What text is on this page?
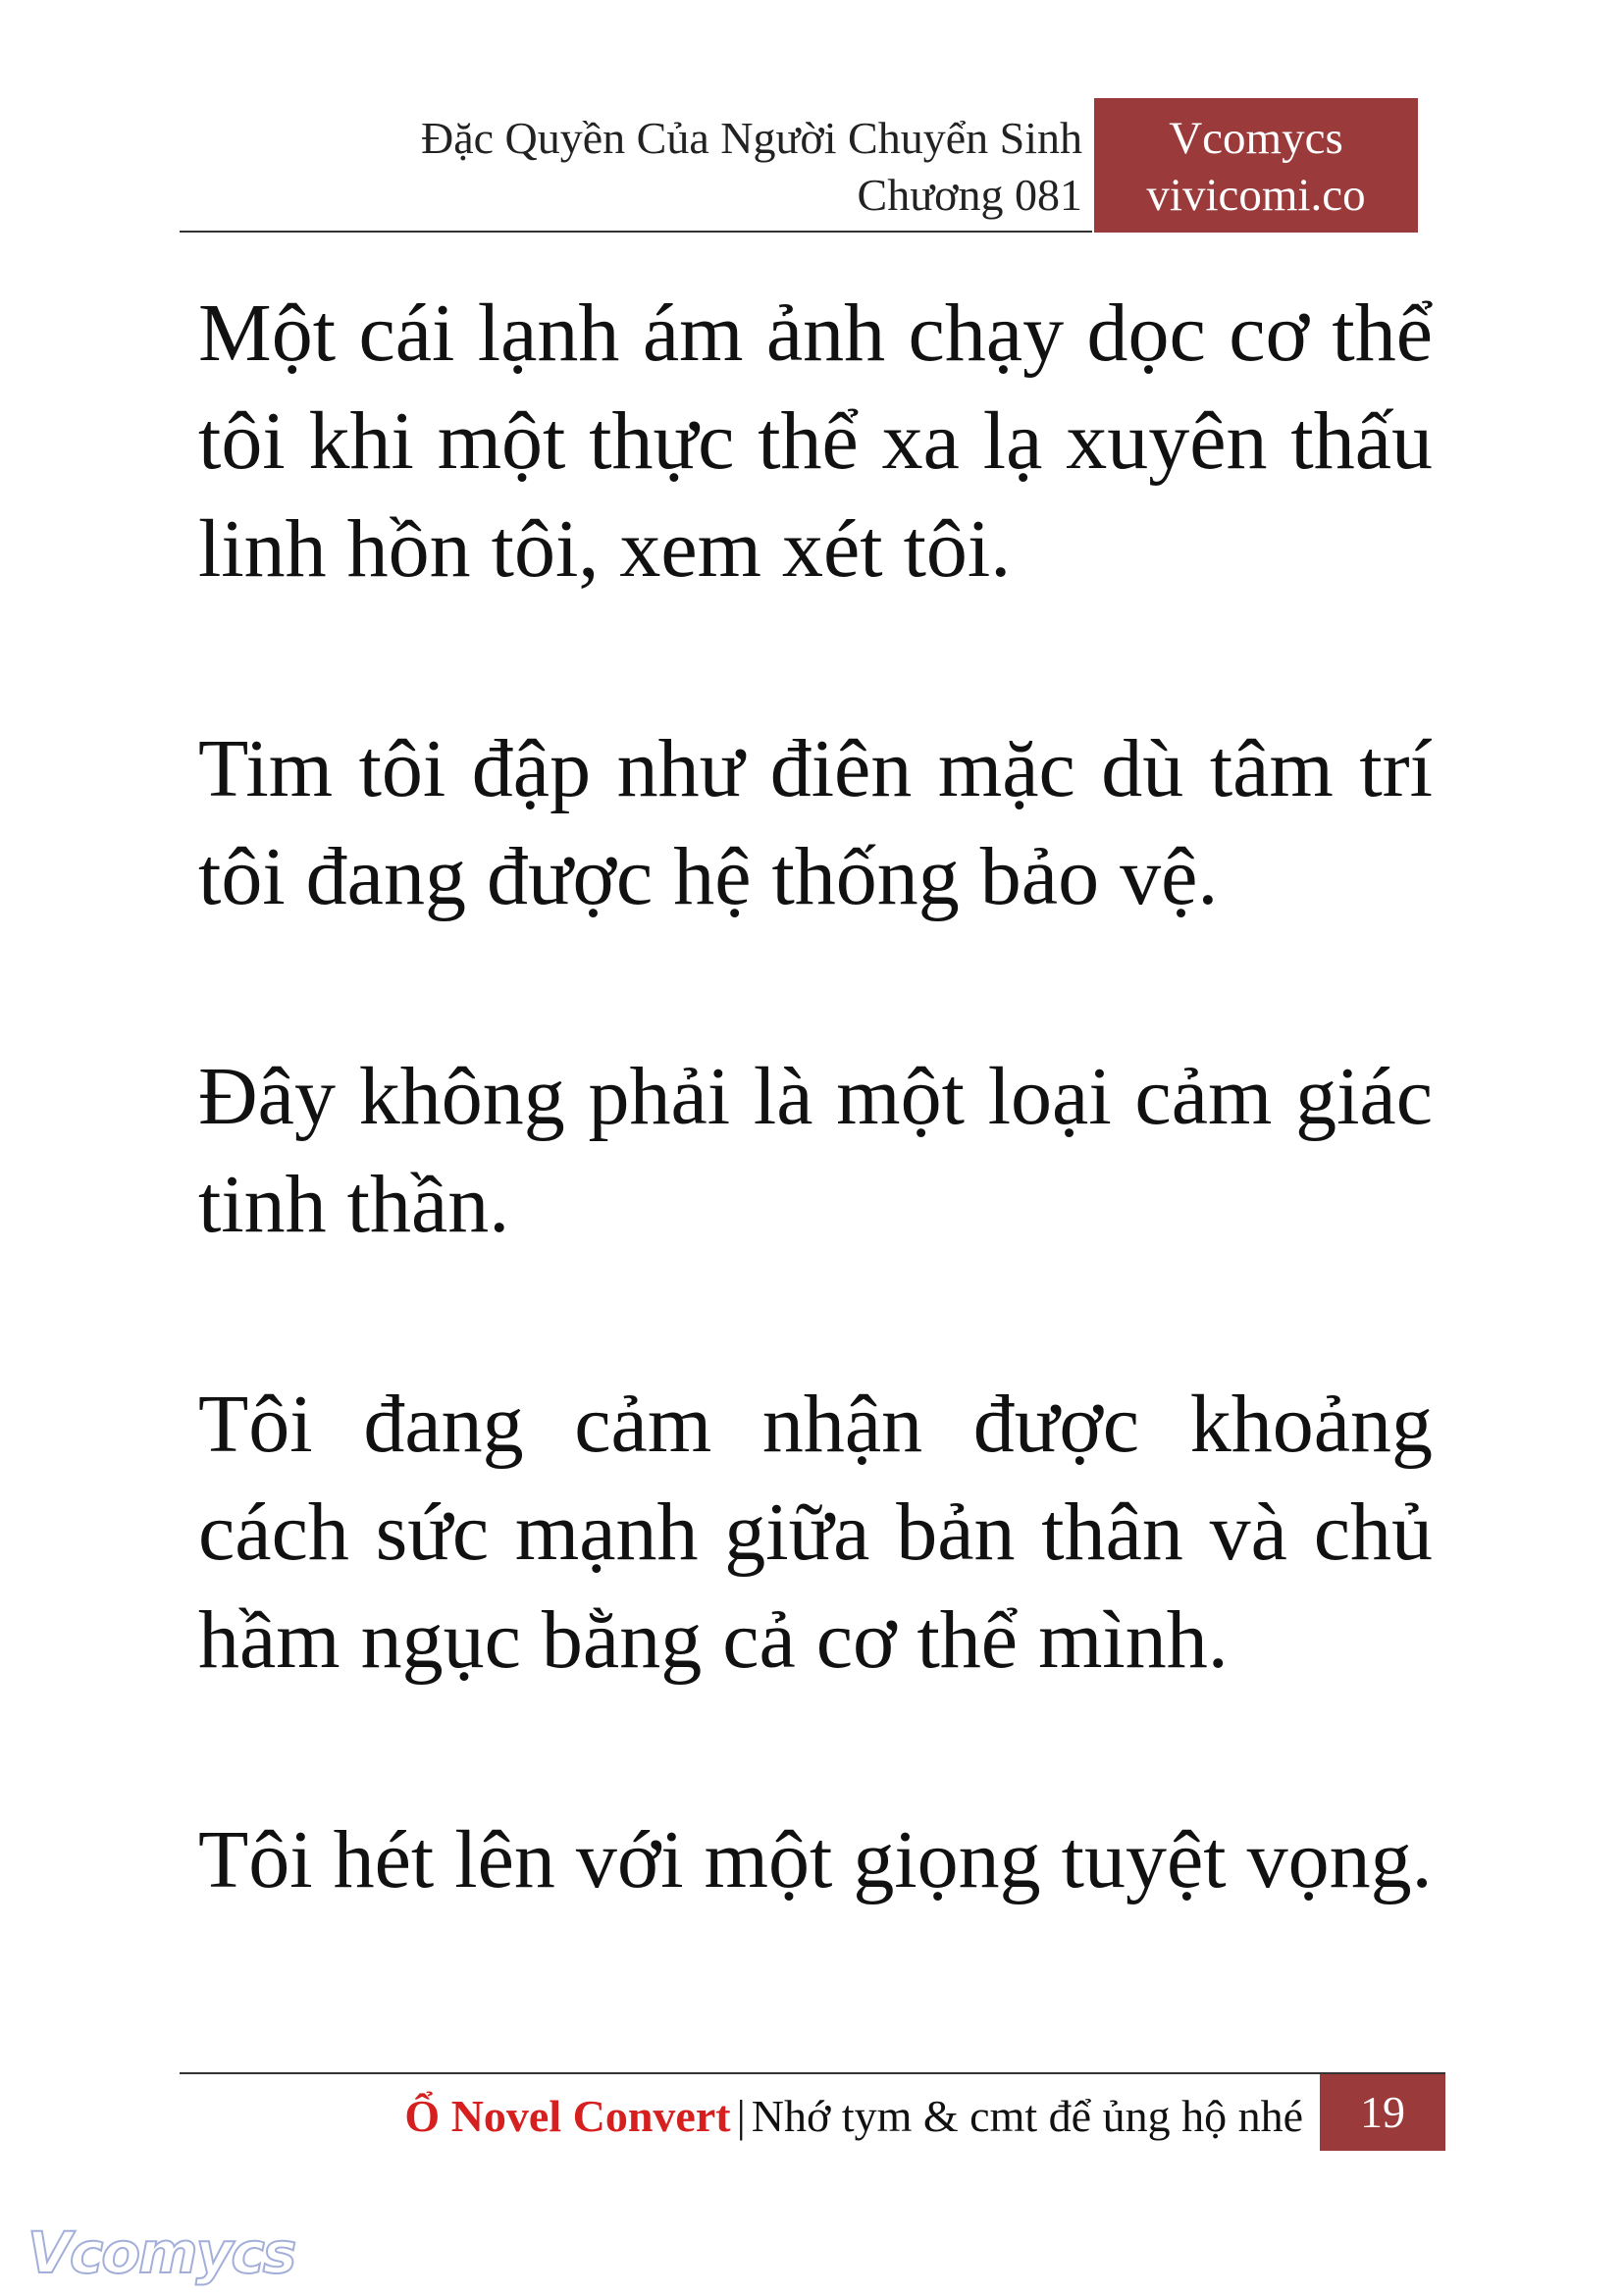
Đặc Quyền Của Người Chuyển Sinh
Chương 081
Vcomycs
vivicomi.co

Một cái lạnh ám ảnh chạy dọc cơ thể tôi khi một thực thể xa lạ xuyên thấu linh hồn tôi, xem xét tôi.

Tim tôi đập như điên mặc dù tâm trí tôi đang được hệ thống bảo vệ.

Đây không phải là một loại cảm giác tinh thần.

Tôi đang cảm nhận được khoảng cách sức mạnh giữa bản thân và chủ hầm ngục bằng cả cơ thể mình.

Tôi hét lên với một giọng tuyệt vọng.

Ổ Novel Convert | Nhớ tym & cmt để ủng hộ nhé	19
Vcomycs
